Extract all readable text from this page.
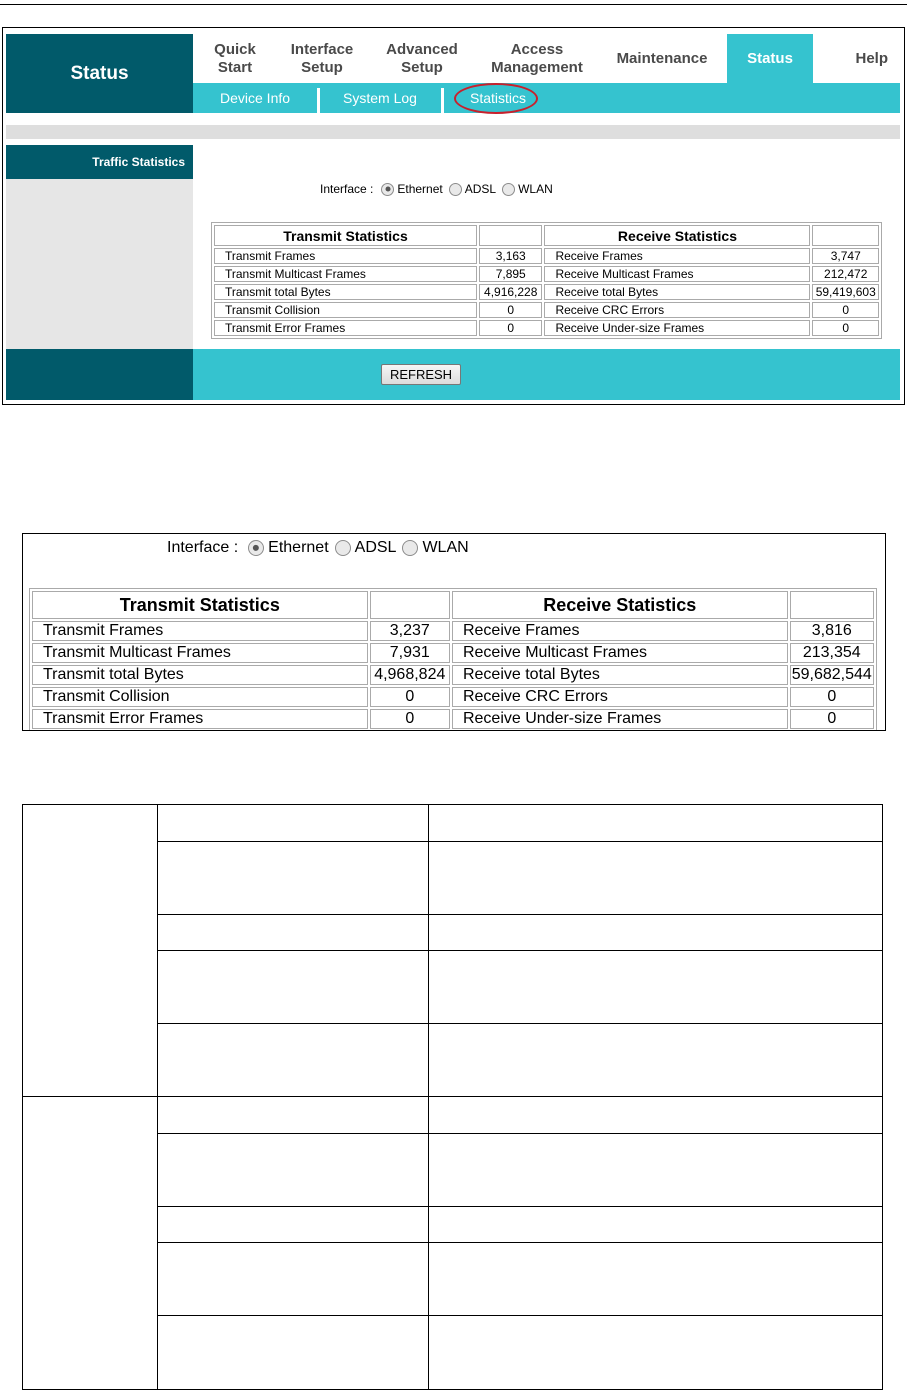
Status
Quick
Start
Interface
Setup
Advanced
Setup
Access
Management
Maintenance	Status	Help
Device Info	System Log	Statistics
Traffic Statistics
Interface : Ethernet ADSL WLAN
Transmit Statistics		Receive Statistics	
Transmit Frames	3,163	Receive Frames	3,747
Transmit Multicast Frames	7,895	Receive Multicast Frames	212,472
Transmit total Bytes	4,916,228	Receive total Bytes	59,419,603
Transmit Collision	0	Receive CRC Errors	0
Transmit Error Frames	0	Receive Under-size Frames	0
REFRESH
Interface : Ethernet ADSL WLAN
Transmit Statistics		Receive Statistics	
Transmit Frames	3,237	Receive Frames	3,816
Transmit Multicast Frames	7,931	Receive Multicast Frames	213,354
Transmit total Bytes	4,968,824	Receive total Bytes	59,682,544
Transmit Collision	0	Receive CRC Errors	0
Transmit Error Frames	0	Receive Under-size Frames	0
